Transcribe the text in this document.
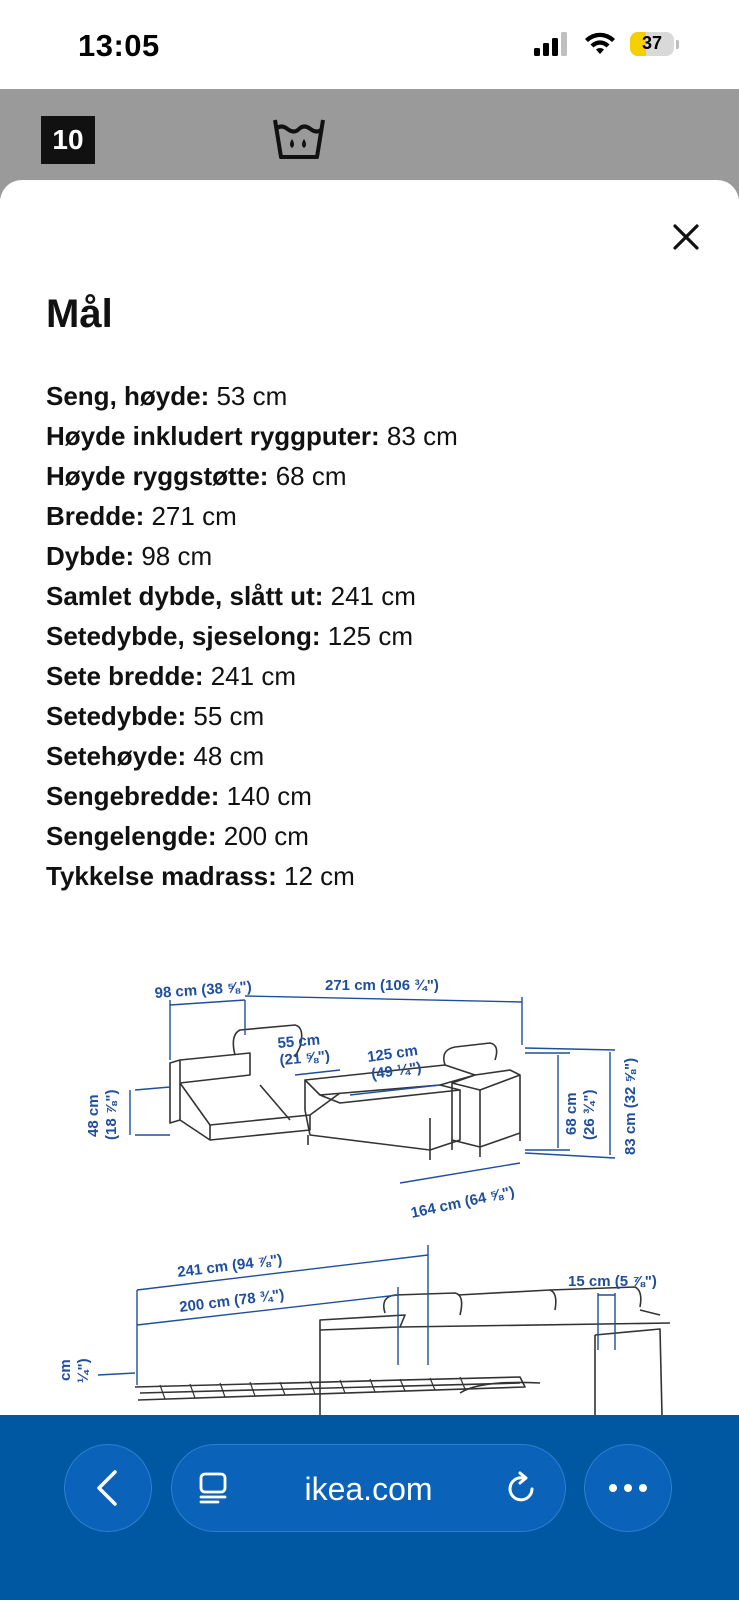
13:05	37
10
Mål
Seng, høyde: 53 cm
Høyde inkludert ryggputer: 83 cm
Høyde ryggstøtte: 68 cm
Bredde: 271 cm
Dybde: 98 cm
Samlet dybde, slått ut: 241 cm
Setedybde, sjeselong: 125 cm
Sete bredde: 241 cm
Setedybde: 55 cm
Setehøyde: 48 cm
Sengebredde: 140 cm
Sengelengde: 200 cm
Tykkelse madrass: 12 cm
98 cm (38 ⅝")	271 cm (106 ¾")
55 cm
(21 ⅝") 125 cm
(49 ¼")
48 cm (18 ⅞")	68 cm (26 ¾") 83 cm (32 ⅝")
164 cm (64 ⅝")
241 cm (94 ⅞")
200 cm (78 ¾")
15 cm (5 ⅞")
cm ¼")
ikea.com
